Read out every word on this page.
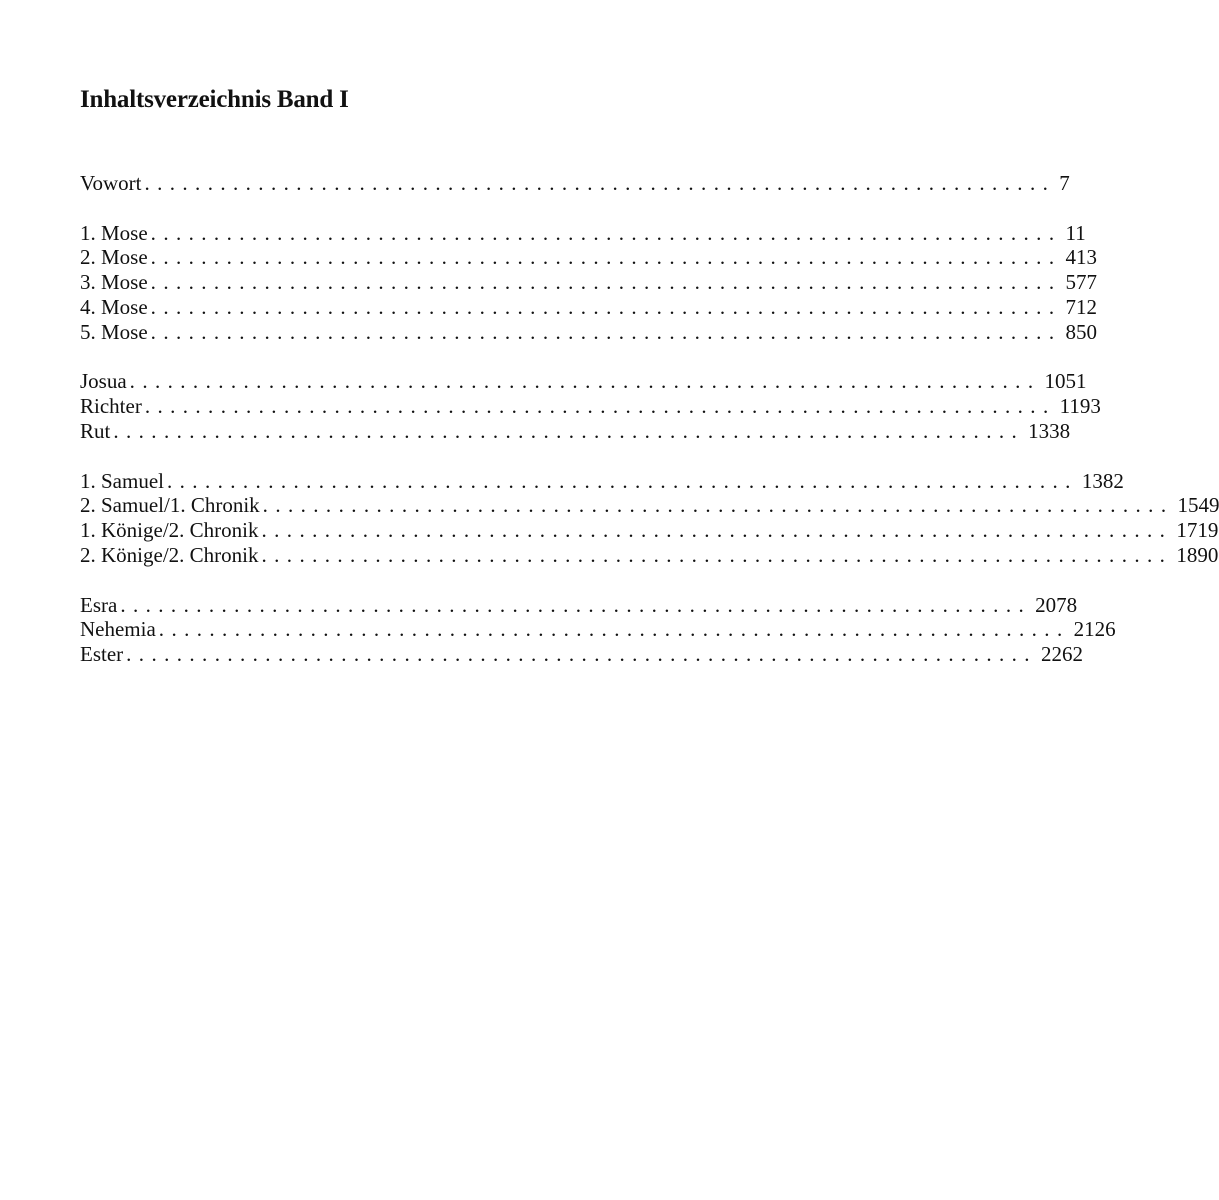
Inhaltsverzeichnis Band I
Vowort ........................................................................ 7
1. Mose ........................................................................ 11
2. Mose ........................................................................ 413
3. Mose ........................................................................ 577
4. Mose ........................................................................ 712
5. Mose ........................................................................ 850
Josua ........................................................................ 1051
Richter ........................................................................ 1193
Rut ........................................................................ 1338
1. Samuel ........................................................................ 1382
2. Samuel/1. Chronik ........................................................................ 1549
1. Könige/2. Chronik ........................................................................ 1719
2. Könige/2. Chronik ........................................................................ 1890
Esra ........................................................................ 2078
Nehemia ........................................................................ 2126
Ester ........................................................................ 2262
